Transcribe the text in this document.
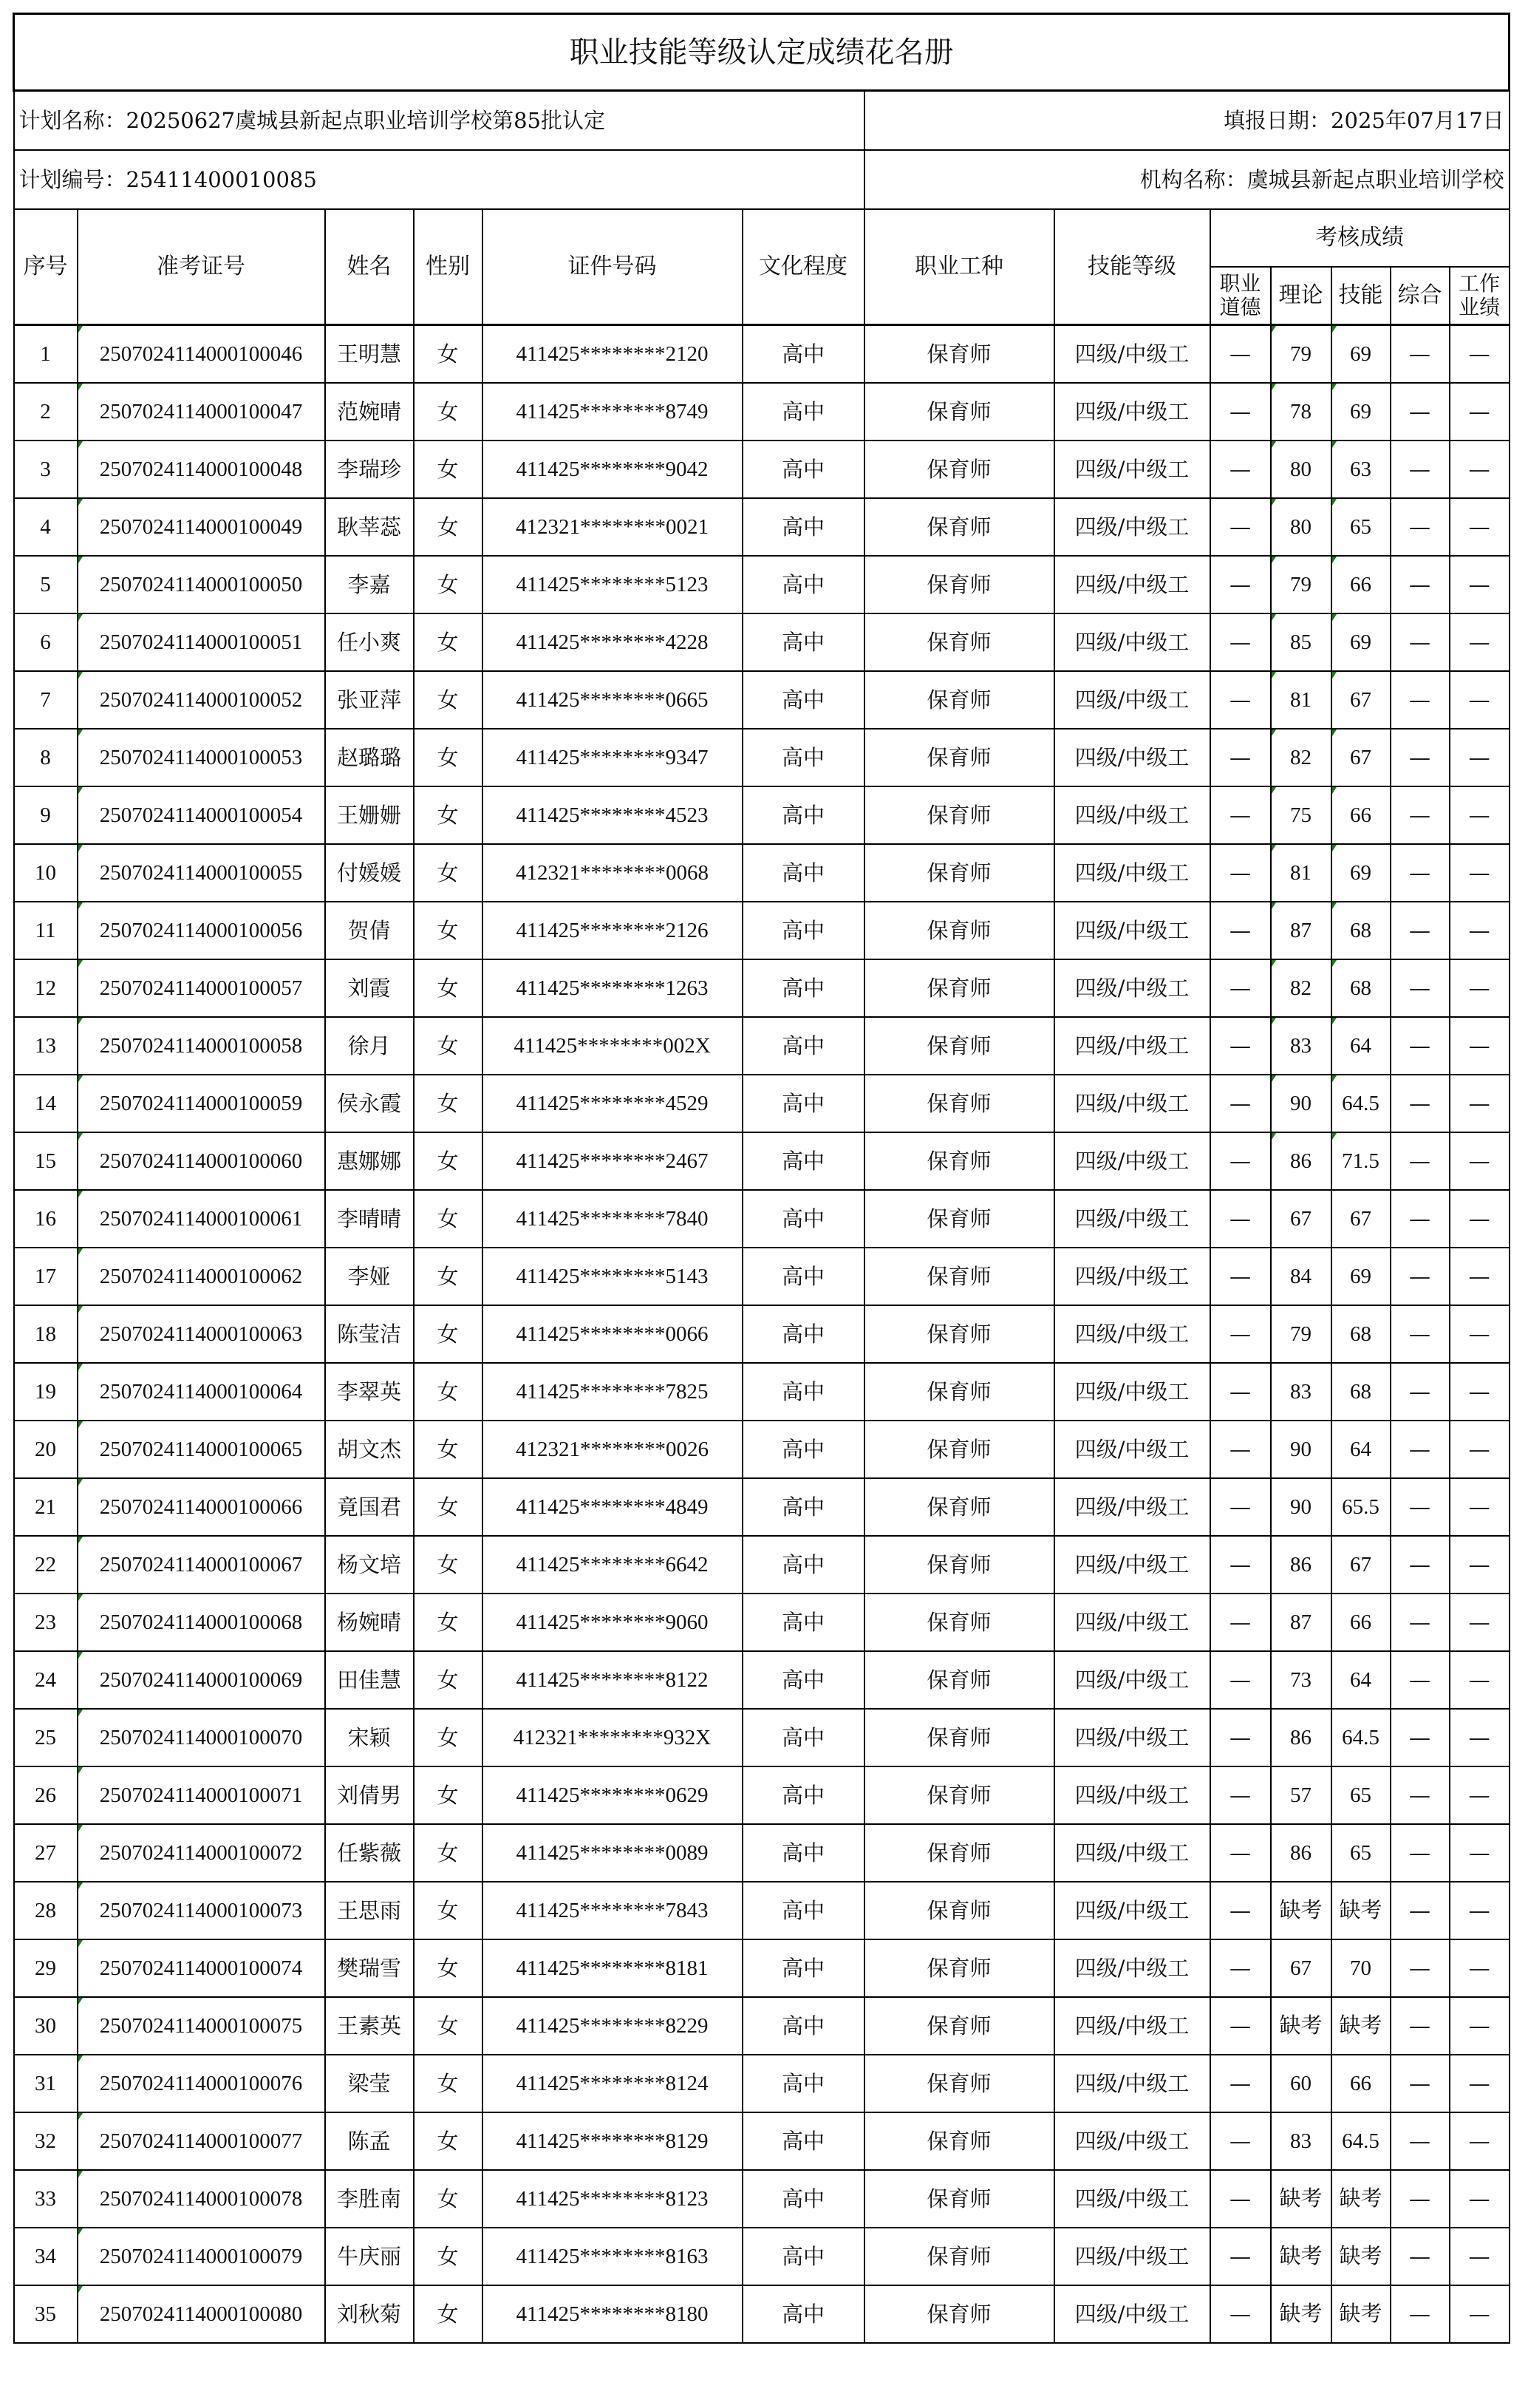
职业技能等级认定成绩花名册												
计划名称：20250627虞城县新起点职业培训学校第85批认定						填报日期：2025年07月17日						
计划编号：25411400010085						机构名称：虞城县新起点职业培训学校						
序号	准考证号	姓名	性别	证件号码	文化程度	职业工种	技能等级	考核成绩				
								职业道德	理论	技能	综合	工作业绩
1	2507024114000100046	王明慧	女	411425********2120	高中	保育师	四级/中级工	—	79	69	—	—
2	2507024114000100047	范婉晴	女	411425********8749	高中	保育师	四级/中级工	—	78	69	—	—
3	2507024114000100048	李瑞珍	女	411425********9042	高中	保育师	四级/中级工	—	80	63	—	—
4	2507024114000100049	耿莘蕊	女	412321********0021	高中	保育师	四级/中级工	—	80	65	—	—
5	2507024114000100050	李嘉	女	411425********5123	高中	保育师	四级/中级工	—	79	66	—	—
6	2507024114000100051	任小爽	女	411425********4228	高中	保育师	四级/中级工	—	85	69	—	—
7	2507024114000100052	张亚萍	女	411425********0665	高中	保育师	四级/中级工	—	81	67	—	—
8	2507024114000100053	赵璐璐	女	411425********9347	高中	保育师	四级/中级工	—	82	67	—	—
9	2507024114000100054	王姗姗	女	411425********4523	高中	保育师	四级/中级工	—	75	66	—	—
10	2507024114000100055	付媛媛	女	412321********0068	高中	保育师	四级/中级工	—	81	69	—	—
11	2507024114000100056	贺倩	女	411425********2126	高中	保育师	四级/中级工	—	87	68	—	—
12	2507024114000100057	刘霞	女	411425********1263	高中	保育师	四级/中级工	—	82	68	—	—
13	2507024114000100058	徐月	女	411425********002X	高中	保育师	四级/中级工	—	83	64	—	—
14	2507024114000100059	侯永霞	女	411425********4529	高中	保育师	四级/中级工	—	90	64.5	—	—
15	2507024114000100060	惠娜娜	女	411425********2467	高中	保育师	四级/中级工	—	86	71.5	—	—
16	2507024114000100061	李晴晴	女	411425********7840	高中	保育师	四级/中级工	—	67	67	—	—
17	2507024114000100062	李娅	女	411425********5143	高中	保育师	四级/中级工	—	84	69	—	—
18	2507024114000100063	陈莹洁	女	411425********0066	高中	保育师	四级/中级工	—	79	68	—	—
19	2507024114000100064	李翠英	女	411425********7825	高中	保育师	四级/中级工	—	83	68	—	—
20	2507024114000100065	胡文杰	女	412321********0026	高中	保育师	四级/中级工	—	90	64	—	—
21	2507024114000100066	竟国君	女	411425********4849	高中	保育师	四级/中级工	—	90	65.5	—	—
22	2507024114000100067	杨文培	女	411425********6642	高中	保育师	四级/中级工	—	86	67	—	—
23	2507024114000100068	杨婉晴	女	411425********9060	高中	保育师	四级/中级工	—	87	66	—	—
24	2507024114000100069	田佳慧	女	411425********8122	高中	保育师	四级/中级工	—	73	64	—	—
25	2507024114000100070	宋颖	女	412321********932X	高中	保育师	四级/中级工	—	86	64.5	—	—
26	2507024114000100071	刘倩男	女	411425********0629	高中	保育师	四级/中级工	—	57	65	—	—
27	2507024114000100072	任紫薇	女	411425********0089	高中	保育师	四级/中级工	—	86	65	—	—
28	2507024114000100073	王思雨	女	411425********7843	高中	保育师	四级/中级工	—	缺考	缺考	—	—
29	2507024114000100074	樊瑞雪	女	411425********8181	高中	保育师	四级/中级工	—	67	70	—	—
30	2507024114000100075	王素英	女	411425********8229	高中	保育师	四级/中级工	—	缺考	缺考	—	—
31	2507024114000100076	梁莹	女	411425********8124	高中	保育师	四级/中级工	—	60	66	—	—
32	2507024114000100077	陈孟	女	411425********8129	高中	保育师	四级/中级工	—	83	64.5	—	—
33	2507024114000100078	李胜南	女	411425********8123	高中	保育师	四级/中级工	—	缺考	缺考	—	—
34	2507024114000100079	牛庆丽	女	411425********8163	高中	保育师	四级/中级工	—	缺考	缺考	—	—
35	2507024114000100080	刘秋菊	女	411425********8180	高中	保育师	四级/中级工	—	缺考	缺考	—	—
